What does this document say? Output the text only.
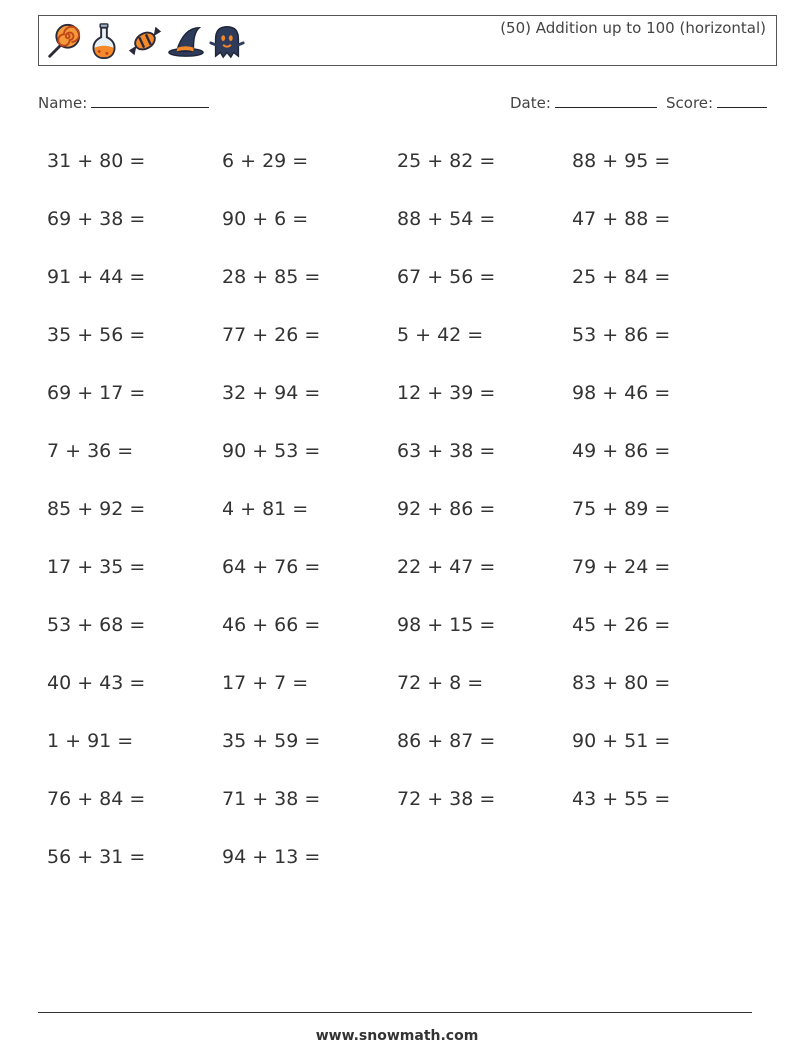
(50) Addition up to 100 (horizontal)
Name:	Date:	Score:
31 + 80 =	6 + 29 =	25 + 82 =	88 + 95 =
69 + 38 =	90 + 6 =	88 + 54 =	47 + 88 =
91 + 44 =	28 + 85 =	67 + 56 =	25 + 84 =
35 + 56 =	77 + 26 =	5 + 42 =	53 + 86 =
69 + 17 =	32 + 94 =	12 + 39 =	98 + 46 =
7 + 36 =	90 + 53 =	63 + 38 =	49 + 86 =
85 + 92 =	4 + 81 =	92 + 86 =	75 + 89 =
17 + 35 =	64 + 76 =	22 + 47 =	79 + 24 =
53 + 68 =	46 + 66 =	98 + 15 =	45 + 26 =
40 + 43 =	17 + 7 =	72 + 8 =	83 + 80 =
1 + 91 =	35 + 59 =	86 + 87 =	90 + 51 =
76 + 84 =	71 + 38 =	72 + 38 =	43 + 55 =
56 + 31 =	94 + 13 =
www.snowmath.com
